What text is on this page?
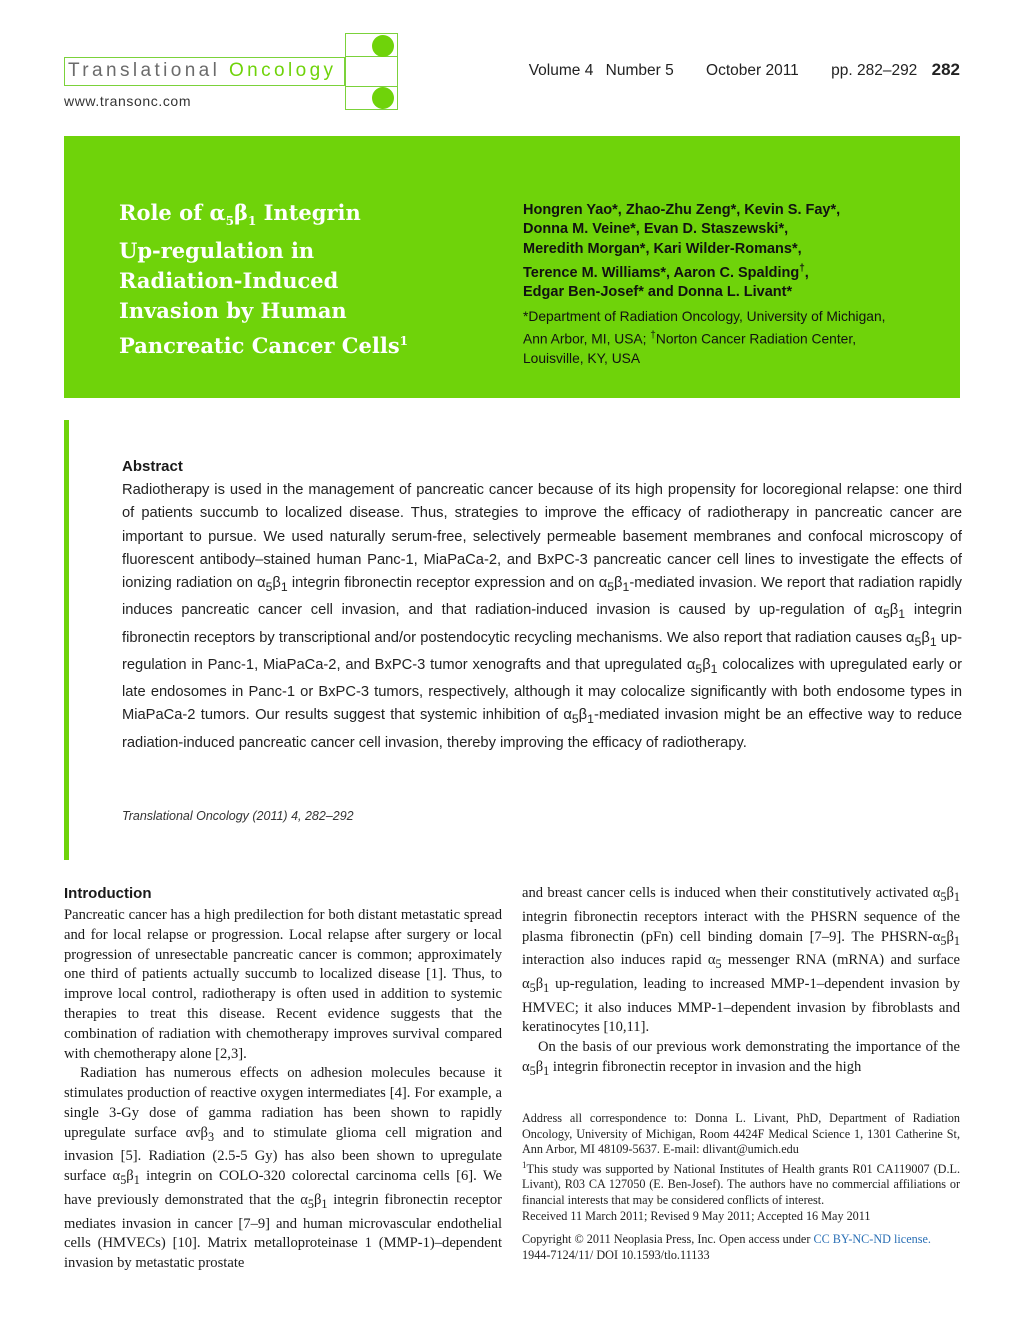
Translational Oncology
www.transonc.com
Volume 4 Number 5 October 2011 pp. 282–292 282
Role of $\alpha_5\beta_1$ Integrin
Up-regulation in Radiation-Induced Invasion by Human Pancreatic Cancer Cells$^1$
Hongren Yao*, Zhao-Zhu Zeng*, Kevin S. Fay*,
Donna M. Veine*, Evan D. Staszewski*,
Meredith Morgan*, Kari Wilder-Romans*,
Terence M. Williams*, Aaron C. Spalding†,
Edgar Ben-Josef* and Donna L. Livant*
*Department of Radiation Oncology, University of Michigan,
Ann Arbor, MI, USA; †Norton Cancer Radiation Center,
Louisville, KY, USA
Abstract
Radiotherapy is used in the management of pancreatic cancer because of its high propensity for locoregional relapse: one third of patients succumb to localized disease. Thus, strategies to improve the efficacy of radiotherapy in pancreatic cancer are important to pursue. We used naturally serum-free, selectively permeable basement membranes and confocal microscopy of fluorescent antibody–stained human Panc-1, MiaPaCa-2, and BxPC-3 pancreatic cancer cell lines to investigate the effects of ionizing radiation on $\alpha_5\beta_1$ integrin fibronectin receptor expression and on $\alpha_5\beta_1$-mediated invasion. We report that radiation rapidly induces pancreatic cancer cell invasion, and that radiation-induced invasion is caused by up-regulation of $\alpha_5\beta_1$ integrin fibronectin receptors by transcriptional and/or postendocytic recycling mechanisms. We also report that radiation causes $\alpha_5\beta_1$ up-regulation in Panc-1, MiaPaCa-2, and BxPC-3 tumor xenografts and that upregulated $\alpha_5\beta_1$ colocalizes with upregulated early or late endosomes in Panc-1 or BxPC-3 tumors, respectively, although it may colocalize significantly with both endosome types in MiaPaCa-2 tumors. Our results suggest that systemic inhibition of $\alpha_5\beta_1$-mediated invasion might be an effective way to reduce radiation-induced pancreatic cancer cell invasion, thereby improving the efficacy of radiotherapy.
Translational Oncology (2011) 4, 282–292
Introduction

Pancreatic cancer has a high predilection for both distant metastatic spread and for local relapse or progression. Local relapse after surgery or local progression of unresectable pancreatic cancer is common; approximately one third of patients actually succumb to localized disease [1]. Thus, to improve local control, radiotherapy is often used in addition to systemic therapies to treat this disease. Recent evidence suggests that the combination of radiation with chemotherapy improves survival compared with chemotherapy alone [2,3].

Radiation has numerous effects on adhesion molecules because it stimulates production of reactive oxygen intermediates [4]. For example, a single 3-Gy dose of gamma radiation has been shown to rapidly upregulate surface αvβ$_3$ and to stimulate glioma cell migration and invasion [5]. Radiation (2.5-5 Gy) has also been shown to upregulate surface $\alpha_5\beta_1$ integrin on COLO-320 colorectal carcinoma cells [6]. We have previously demonstrated that the $\alpha_5\beta_1$ integrin fibronectin receptor mediates invasion in cancer [7–9] and human microvascular endothelial cells (HMVECs) [10]. Matrix metalloproteinase 1 (MMP-1)–dependent invasion by metastatic prostate

and breast cancer cells is induced when their constitutively activated $\alpha_5\beta_1$ integrin fibronectin receptors interact with the PHSRN sequence of the plasma fibronectin (pFn) cell binding domain [7–9]. The PHSRN-$\alpha_5\beta_1$ interaction also induces rapid $\alpha_5$ messenger RNA (mRNA) and surface $\alpha_5\beta_1$ up-regulation, leading to increased MMP-1–dependent invasion by HMVEC; it also induces MMP-1–dependent invasion by fibroblasts and keratinocytes [10,11].

On the basis of our previous work demonstrating the importance of the $\alpha_5\beta_1$ integrin fibronectin receptor in invasion and the high

Address all correspondence to: Donna L. Livant, PhD, Department of Radiation Oncology, University of Michigan, Room 4424F Medical Science 1, 1301 Catherine St, Ann Arbor, MI 48109-5637. E-mail: dlivant@umich.edu

$^1$This study was supported by National Institutes of Health grants R01 CA119007 (D.L. Livant), R03 CA 127050 (E. Ben-Josef). The authors have no commercial affiliations or financial interests that may be considered conflicts of interest.

Received 11 March 2011; Revised 9 May 2011; Accepted 16 May 2011

Copyright © 2011 Neoplasia Press, Inc. Open access under CC BY-NC-ND license.

1944-7124/11/ DOI 10.1593/tlo.11133
